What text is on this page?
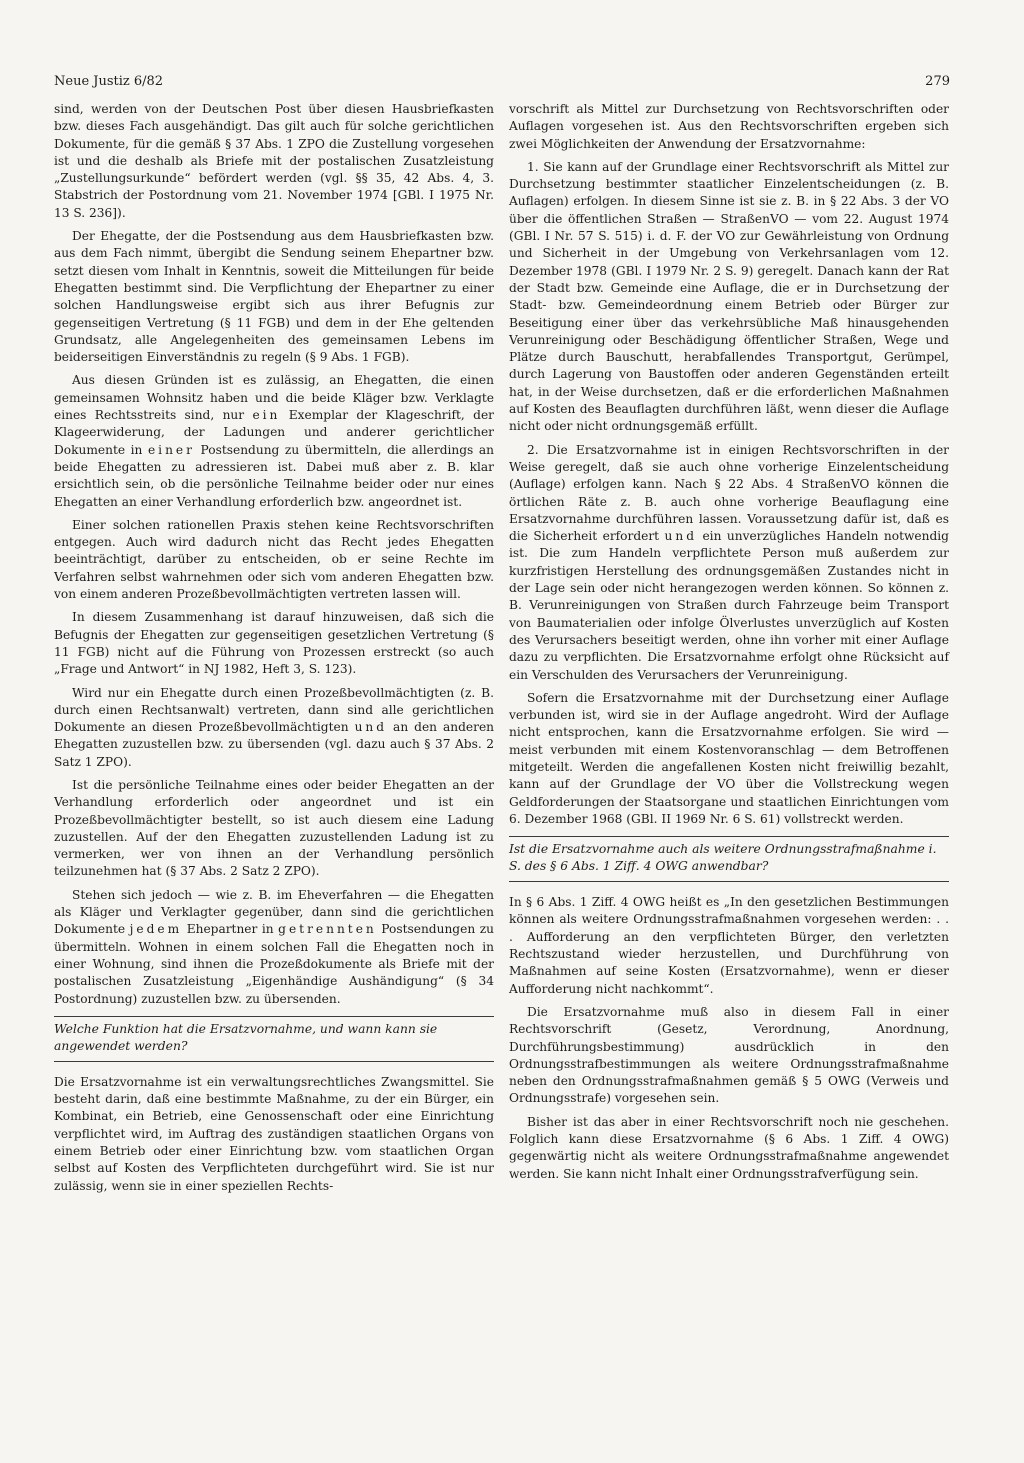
Neue Justiz 6/82	279

sind, werden von der Deutschen Post über diesen Hausbriefkasten bzw. dieses Fach ausgehändigt. Das gilt auch für solche gerichtlichen Dokumente, für die gemäß § 37 Abs. 1 ZPO die Zustellung vorgesehen ist und die deshalb als Briefe mit der postalischen Zusatzleistung „Zustellungsurkunde“ befördert werden (vgl. §§ 35, 42 Abs. 4, 3. Stabstrich der Postordnung vom 21. November 1974 [GBl. I 1975 Nr. 13 S. 236]).

Der Ehegatte, der die Postsendung aus dem Hausbriefkasten bzw. aus dem Fach nimmt, übergibt die Sendung seinem Ehepartner bzw. setzt diesen vom Inhalt in Kenntnis, soweit die Mitteilungen für beide Ehegatten bestimmt sind. Die Verpflichtung der Ehepartner zu einer solchen Handlungsweise ergibt sich aus ihrer Befugnis zur gegenseitigen Vertretung (§ 11 FGB) und dem in der Ehe geltenden Grundsatz, alle Angelegenheiten des gemeinsamen Lebens im beiderseitigen Einverständnis zu regeln (§ 9 Abs. 1 FGB).

Aus diesen Gründen ist es zulässig, an Ehegatten, die einen gemeinsamen Wohnsitz haben und die beide Kläger bzw. Verklagte eines Rechtsstreits sind, nur ein Exemplar der Klageschrift, der Klageerwiderung, der Ladungen und anderer gerichtlicher Dokumente in einer Postsendung zu übermitteln, die allerdings an beide Ehegatten zu adressieren ist. Dabei muß aber z. B. klar ersichtlich sein, ob die persönliche Teilnahme beider oder nur eines Ehegatten an einer Verhandlung erforderlich bzw. angeordnet ist.

Einer solchen rationellen Praxis stehen keine Rechtsvorschriften entgegen. Auch wird dadurch nicht das Recht jedes Ehegatten beeinträchtigt, darüber zu entscheiden, ob er seine Rechte im Verfahren selbst wahrnehmen oder sich vom anderen Ehegatten bzw. von einem anderen Prozeßbevollmächtigten vertreten lassen will.

In diesem Zusammenhang ist darauf hinzuweisen, daß sich die Befugnis der Ehegatten zur gegenseitigen gesetzlichen Vertretung (§ 11 FGB) nicht auf die Führung von Prozessen erstreckt (so auch „Frage und Antwort“ in NJ 1982, Heft 3, S. 123).

Wird nur ein Ehegatte durch einen Prozeßbevollmächtigten (z. B. durch einen Rechtsanwalt) vertreten, dann sind alle gerichtlichen Dokumente an diesen Prozeßbevollmächtigten und an den anderen Ehegatten zuzustellen bzw. zu übersenden (vgl. dazu auch § 37 Abs. 2 Satz 1 ZPO).

Ist die persönliche Teilnahme eines oder beider Ehegatten an der Verhandlung erforderlich oder angeordnet und ist ein Prozeßbevollmächtigter bestellt, so ist auch diesem eine Ladung zuzustellen. Auf der den Ehegatten zuzustellenden Ladung ist zu vermerken, wer von ihnen an der Verhandlung persönlich teilzunehmen hat (§ 37 Abs. 2 Satz 2 ZPO).

Stehen sich jedoch — wie z. B. im Eheverfahren — die Ehegatten als Kläger und Verklagter gegenüber, dann sind die gerichtlichen Dokumente jedem Ehepartner in getrennten Postsendungen zu übermitteln. Wohnen in einem solchen Fall die Ehegatten noch in einer Wohnung, sind ihnen die Prozeßdokumente als Briefe mit der postalischen Zusatzleistung „Eigenhändige Aushändigung“ (§ 34 Postordnung) zuzustellen bzw. zu übersenden.

Welche Funktion hat die Ersatzvornahme, und wann kann sie angewendet werden?

Die Ersatzvornahme ist ein verwaltungsrechtliches Zwangsmittel. Sie besteht darin, daß eine bestimmte Maßnahme, zu der ein Bürger, ein Kombinat, ein Betrieb, eine Genossenschaft oder eine Einrichtung verpflichtet wird, im Auftrag des zuständigen staatlichen Organs von einem Betrieb oder einer Einrichtung bzw. vom staatlichen Organ selbst auf Kosten des Verpflichteten durchgeführt wird. Sie ist nur zulässig, wenn sie in einer speziellen Rechts-

vorschrift als Mittel zur Durchsetzung von Rechtsvorschriften oder Auflagen vorgesehen ist. Aus den Rechtsvorschriften ergeben sich zwei Möglichkeiten der Anwendung der Ersatzvornahme:

1. Sie kann auf der Grundlage einer Rechtsvorschrift als Mittel zur Durchsetzung bestimmter staatlicher Einzelentscheidungen (z. B. Auflagen) erfolgen. In diesem Sinne ist sie z. B. in § 22 Abs. 3 der VO über die öffentlichen Straßen — StraßenVO — vom 22. August 1974 (GBl. I Nr. 57 S. 515) i. d. F. der VO zur Gewährleistung von Ordnung und Sicherheit in der Umgebung von Verkehrsanlagen vom 12. Dezember 1978 (GBl. I 1979 Nr. 2 S. 9) geregelt. Danach kann der Rat der Stadt bzw. Gemeinde eine Auflage, die er in Durchsetzung der Stadt- bzw. Gemeindeordnung einem Betrieb oder Bürger zur Beseitigung einer über das verkehrsübliche Maß hinausgehenden Verunreinigung oder Beschädigung öffentlicher Straßen, Wege und Plätze durch Bauschutt, herabfallendes Transportgut, Gerümpel, durch Lagerung von Baustoffen oder anderen Gegenständen erteilt hat, in der Weise durchsetzen, daß er die erforderlichen Maßnahmen auf Kosten des Beauflagten durchführen läßt, wenn dieser die Auflage nicht oder nicht ordnungsgemäß erfüllt.

2. Die Ersatzvornahme ist in einigen Rechtsvorschriften in der Weise geregelt, daß sie auch ohne vorherige Einzelentscheidung (Auflage) erfolgen kann. Nach § 22 Abs. 4 StraßenVO können die örtlichen Räte z. B. auch ohne vorherige Beauflagung eine Ersatzvornahme durchführen lassen. Voraussetzung dafür ist, daß es die Sicherheit erfordert und ein unverzügliches Handeln notwendig ist. Die zum Handeln verpflichtete Person muß außerdem zur kurzfristigen Herstellung des ordnungsgemäßen Zustandes nicht in der Lage sein oder nicht herangezogen werden können. So können z. B. Verunreinigungen von Straßen durch Fahrzeuge beim Transport von Baumaterialien oder infolge Ölverlustes unverzüglich auf Kosten des Verursachers beseitigt werden, ohne ihn vorher mit einer Auflage dazu zu verpflichten. Die Ersatzvornahme erfolgt ohne Rücksicht auf ein Verschulden des Verursachers der Verunreinigung.

Sofern die Ersatzvornahme mit der Durchsetzung einer Auflage verbunden ist, wird sie in der Auflage angedroht. Wird der Auflage nicht entsprochen, kann die Ersatzvornahme erfolgen. Sie wird — meist verbunden mit einem Kostenvoranschlag — dem Betroffenen mitgeteilt. Werden die angefallenen Kosten nicht freiwillig bezahlt, kann auf der Grundlage der VO über die Vollstreckung wegen Geldforderungen der Staatsorgane und staatlichen Einrichtungen vom 6. Dezember 1968 (GBl. II 1969 Nr. 6 S. 61) vollstreckt werden.

Ist die Ersatzvornahme auch als weitere Ordnungsstrafmaßnahme i. S. des § 6 Abs. 1 Ziff. 4 OWG anwendbar?

In § 6 Abs. 1 Ziff. 4 OWG heißt es „In den gesetzlichen Bestimmungen können als weitere Ordnungsstrafmaßnahmen vorgesehen werden: . . . Aufforderung an den verpflichteten Bürger, den verletzten Rechtszustand wieder herzustellen, und Durchführung von Maßnahmen auf seine Kosten (Ersatzvornahme), wenn er dieser Aufforderung nicht nachkommt“.

Die Ersatzvornahme muß also in diesem Fall in einer Rechtsvorschrift (Gesetz, Verordnung, Anordnung, Durchführungsbestimmung) ausdrücklich in den Ordnungsstrafbestimmungen als weitere Ordnungsstrafmaßnahme neben den Ordnungsstrafmaßnahmen gemäß § 5 OWG (Verweis und Ordnungsstrafe) vorgesehen sein.

Bisher ist das aber in einer Rechtsvorschrift noch nie geschehen. Folglich kann diese Ersatzvornahme (§ 6 Abs. 1 Ziff. 4 OWG) gegenwärtig nicht als weitere Ordnungsstrafmaßnahme angewendet werden. Sie kann nicht Inhalt einer Ordnungsstrafverfügung sein.
